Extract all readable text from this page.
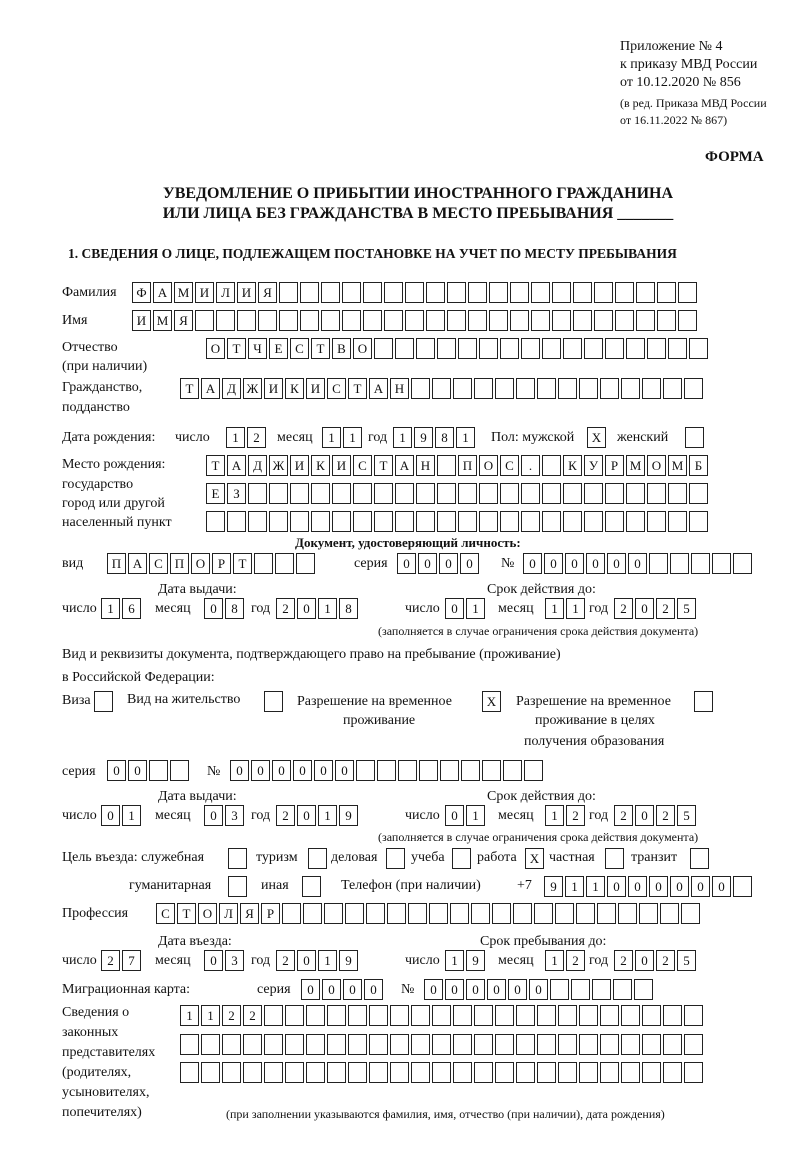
Приложение № 4
к приказу МВД России
от 10.12.2020 № 856
(в ред. Приказа МВД России
от 16.11.2022 № 867)
ФОРМА
УВЕДОМЛЕНИЕ О ПРИБЫТИИ ИНОСТРАННОГО ГРАЖДАНИНА
ИЛИ ЛИЦА БЕЗ ГРАЖДАНСТВА В МЕСТО ПРЕБЫВАНИЯ _______
1. СВЕДЕНИЯ О ЛИЦЕ, ПОДЛЕЖАЩЕМ ПОСТАНОВКЕ НА УЧЕТ ПО МЕСТУ ПРЕБЫВАНИЯ
Фамилия	Ф А М И Л И Я
Имя	И М Я
Отчество
(при наличии)
О Т Ч Е С Т В О
Гражданство,
подданство
Т А Д Ж И К И С Т А Н
Дата рождения: число	1	2	месяц	1	1 год 1	9	8	1	Пол: мужской	X	женский
Место рождения:
государство
город или другой
населенный пункт
Т А Д Ж И К И С Т А Н	П О С	.	К У Р М О М Б
Е	З
Документ, удостоверяющий личность:
вид	П А С П О Р	Т	серия	0	0	0	0	№	0	0	0	0	0	0
Дата выдачи:	Срок действия до:
число 1	6	месяц	0	8 год 2	0	1	8	число 0	1	месяц	1	1 год 2	0	2	5
(заполняется в случае ограничения срока действия документа)
Вид и реквизиты документа, подтверждающего право на пребывание (проживание)
в Российской Федерации:
Виза	Вид на жительство	Разрешение на временное
проживание
X	Разрешение на временное
проживание в целях
получения образования
серия	0	0	№	0	0	0	0	0	0
Дата выдачи:	Срок действия до:
число 0	1	месяц	0	3 год 2	0	1	9	число 0	1	месяц	1	2 год 2	0	2	5
(заполняется в случае ограничения срока действия документа)
Цель въезда: служебная	туризм деловая учеба работа	X частная	транзит
гуманитарная	иная	Телефон (при наличии)	+7	9	1	1	0	0	0	0	0	0
Профессия	С Т О Л Я	Р
Дата въезда:	Срок пребывания до:
число 2	7	месяц	0	3 год 2	0	1	9	число 1	9	месяц	1	2 год 2	0	2	5
Миграционная карта:	серия	0	0	0	0	№	0	0	0	0	0	0
Сведения о
законных
представителях
(родителях,
усыновителях,
попечителях)
1	1	2	2
(при заполнении указываются фамилия, имя, отчество (при наличии), дата рождения)
